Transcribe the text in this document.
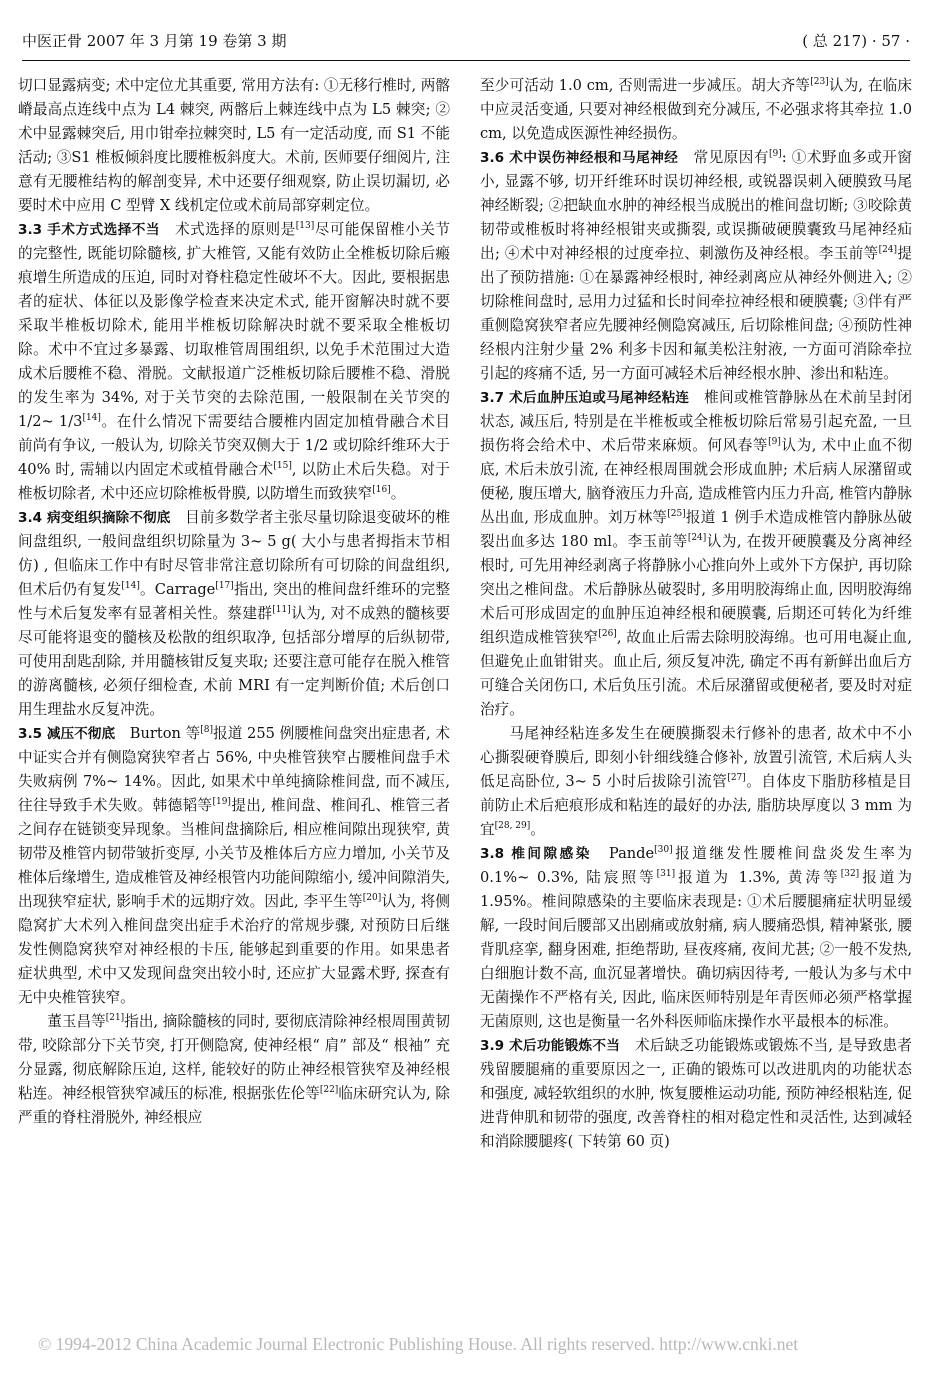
中医正骨 2007 年 3 月第 19 卷第 3 期	( 总 217) · 57 ·

切口显露病变; 术中定位尤其重要, 常用方法有: ①无移行椎时, 两髂嵴最高点连线中点为 L4 棘突, 两髂后上棘连线中点为 L5 棘突; ②术中显露棘突后, 用巾钳牵拉棘突时, L5 有一定活动度, 而 S1 不能活动; ③S1 椎板倾斜度比腰椎板斜度大。术前, 医师要仔细阅片, 注意有无腰椎结构的解剖变异, 术中还要仔细观察, 防止误切漏切, 必要时术中应用 C 型臂 X 线机定位或术前局部穿刺定位。

3.3 手术方式选择不当　 术式选择的原则是[13]尽可能保留椎小关节的完整性, 既能切除髓核, 扩大椎管, 又能有效防止全椎板切除后瘢痕增生所造成的压迫, 同时对脊柱稳定性破坏不大。因此, 要根据患者的症状、体征以及影像学检查来决定术式, 能开窗解决时就不要采取半椎板切除术, 能用半椎板切除解决时就不要采取全椎板切除。术中不宜过多暴露、切取椎管周围组织, 以免手术范围过大造成术后腰椎不稳、滑脱。文献报道广泛椎板切除后腰椎不稳、滑脱的发生率为 34%, 对于关节突的去除范围, 一般限制在关节突的 1/2~ 1/3[14]。在什么情况下需要结合腰椎内固定加植骨融合术目前尚有争议, 一般认为, 切除关节突双侧大于 1/2 或切除纤维环大于 40% 时, 需辅以内固定术或植骨融合术[15], 以防止术后失稳。对于椎板切除者, 术中还应切除椎板骨膜, 以防增生而致狭窄[16]。

3.4 病变组织摘除不彻底　 目前多数学者主张尽量切除退变破坏的椎间盘组织, 一般间盘组织切除量为 3~ 5 g( 大小与患者拇指末节相仿) , 但临床工作中有时尽管非常注意切除所有可切除的间盘组织, 但术后仍有复发[14]。Carrage[17]指出, 突出的椎间盘纤维环的完整性与术后复发率有显著相关性。蔡建群[11]认为, 对不成熟的髓核要尽可能将退变的髓核及松散的组织取净, 包括部分增厚的后纵韧带, 可使用刮匙刮除, 并用髓核钳反复夹取; 还要注意可能存在脱入椎管的游离髓核, 必须仔细检查, 术前 MRI 有一定判断价值; 术后创口用生理盐水反复冲洗。

3.5 减压不彻底　 Burton 等[8]报道 255 例腰椎间盘突出症患者, 术中证实合并有侧隐窝狭窄者占 56%, 中央椎管狭窄占腰椎间盘手术失败病例 7%~ 14%。因此, 如果术中单纯摘除椎间盘, 而不减压, 往往导致手术失败。韩德韬等[19]提出, 椎间盘、椎间孔、椎管三者之间存在链锁变异现象。当椎间盘摘除后, 相应椎间隙出现狭窄, 黄韧带及椎管内韧带皱折变厚, 小关节及椎体后方应力增加, 小关节及椎体后缘增生, 造成椎管及神经根管内功能间隙缩小, 缓冲间隙消失, 出现狭窄症状, 影响手术的远期疗效。因此, 李平生等[20]认为, 将侧隐窝扩大术列入椎间盘突出症手术治疗的常规步骤, 对预防日后继发性侧隐窝狭窄对神经根的卡压, 能够起到重要的作用。如果患者症状典型, 术中又发现间盘突出较小时, 还应扩大显露术野, 探查有无中央椎管狭窄。

董玉昌等[21]指出, 摘除髓核的同时, 要彻底清除神经根周围黄韧带, 咬除部分下关节突, 打开侧隐窝, 使神经根“ 肩” 部及“ 根袖” 充分显露, 彻底解除压迫, 这样, 能较好的防止神经根管狭窄及神经根粘连。神经根管狭窄减压的标准, 根据张佐伦等[22]临床研究认为, 除严重的脊柱滑脱外, 神经根应

至少可活动 1.0 cm, 否则需进一步减压。胡大齐等[23]认为, 在临床中应灵活变通, 只要对神经根做到充分减压, 不必强求将其牵拉 1.0 cm, 以免造成医源性神经损伤。

3.6 术中误伤神经根和马尾神经　 常见原因有[9]: ①术野血多或开窗小, 显露不够, 切开纤维环时误切神经根, 或锐器误刺入硬膜致马尾神经断裂; ②把缺血水肿的神经根当成脱出的椎间盘切断; ③咬除黄韧带或椎板时将神经根钳夹或撕裂, 或误撕破硬膜囊致马尾神经疝出; ④术中对神经根的过度牵拉、刺激伤及神经根。李玉前等[24]提出了预防措施: ①在暴露神经根时, 神经剥离应从神经外侧进入; ②切除椎间盘时, 忌用力过猛和长时间牵拉神经根和硬膜囊; ③伴有严重侧隐窝狭窄者应先腰神经侧隐窝减压, 后切除椎间盘; ④预防性神经根内注射少量 2% 利多卡因和氟美松注射液, 一方面可消除牵拉引起的疼痛不适, 另一方面可减轻术后神经根水肿、渗出和粘连。

3.7 术后血肿压迫或马尾神经粘连　 椎间或椎管静脉丛在术前呈封闭状态, 减压后, 特别是在半椎板或全椎板切除后常易引起充盈, 一旦损伤将会给术中、术后带来麻烦。何风春等[9]认为, 术中止血不彻底, 术后未放引流, 在神经根周围就会形成血肿; 术后病人尿潴留或便秘, 腹压增大, 脑脊液压力升高, 造成椎管内压力升高, 椎管内静脉丛出血, 形成血肿。刘万林等[25]报道 1 例手术造成椎管内静脉丛破裂出血多达 180 ml。李玉前等[24]认为, 在拨开硬膜囊及分离神经根时, 可先用神经剥离子将静脉小心推向外上或外下方保护, 再切除突出之椎间盘。术后静脉丛破裂时, 多用明胶海绵止血, 因明胶海绵术后可形成固定的血肿压迫神经根和硬膜囊, 后期还可转化为纤维组织造成椎管狭窄[26], 故血止后需去除明胶海绵。也可用电凝止血, 但避免止血钳钳夹。血止后, 须反复冲洗, 确定不再有新鲜出血后方可缝合关闭伤口, 术后负压引流。术后尿潴留或便秘者, 要及时对症治疗。

马尾神经粘连多发生在硬膜撕裂未行修补的患者, 故术中不小心撕裂硬脊膜后, 即刻小针细线缝合修补, 放置引流管, 术后病人头低足高卧位, 3~ 5 小时后拔除引流管[27]。自体皮下脂肪移植是目前防止术后疤痕形成和粘连的最好的办法, 脂肪块厚度以 3 mm 为宜[28, 29]。

3.8 椎间隙感染　 Pande[30]报道继发性腰椎间盘炎发生率为 0.1%~ 0.3%, 陆宸照等[31]报道为 1.3%, 黄涛等[32]报道为 1.95%。椎间隙感染的主要临床表现是: ①术后腰腿痛症状明显缓解, 一段时间后腰部又出剧痛或放射痛, 病人腰痛恐惧, 精神紧张, 腰背肌痉挛, 翻身困难, 拒绝帮助, 昼夜疼痛, 夜间尤甚; ②一般不发热, 白细胞计数不高, 血沉显著增快。确切病因待考, 一般认为多与术中无菌操作不严格有关, 因此, 临床医师特别是年青医师必须严格掌握无菌原则, 这也是衡量一名外科医师临床操作水平最根本的标准。

3.9 术后功能锻炼不当　 术后缺乏功能锻炼或锻炼不当, 是导致患者残留腰腿痛的重要原因之一, 正确的锻炼可以改进肌肉的功能状态和强度, 减轻软组织的水肿, 恢复腰椎运动功能, 预防神经根粘连, 促进背伸肌和韧带的强度, 改善脊柱的相对稳定性和灵活性, 达到减轻和消除腰腿疼( 下转第 60 页)

© 1994-2012 China Academic Journal Electronic Publishing House. All rights reserved. http://www.cnki.net
